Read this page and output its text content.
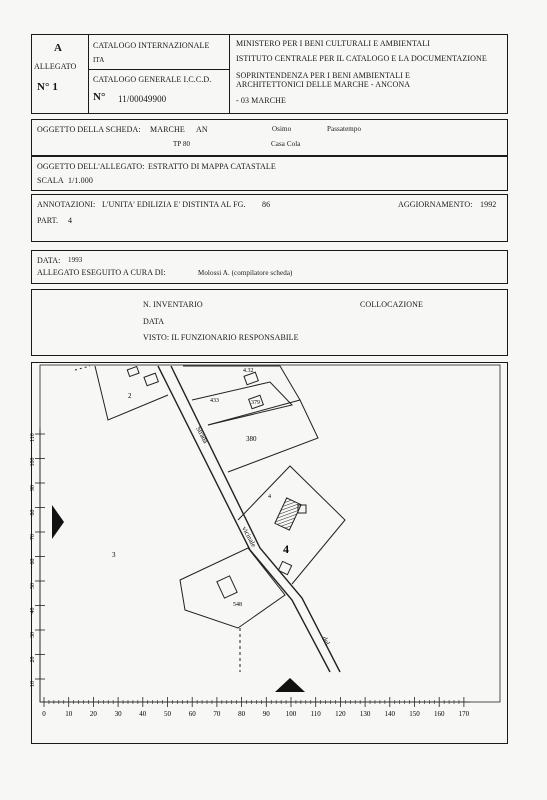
A
ALLEGATO
N° 1
CATALOGO INTERNAZIONALE
ITA
CATALOGO GENERALE I.C.C.D.
N° 11/00049900
MINISTERO PER I BENI CULTURALI E AMBIENTALI
ISTITUTO CENTRALE PER IL CATALOGO E LA DOCUMENTAZIONE
SOPRINTENDENZA PER I BENI AMBIENTALI E
ARCHITETTONICI DELLE MARCHE - ANCONA
- 03 MARCHE
OGGETTO DELLA SCHEDA: MARCHE AN	Osimo	Passatempo
TP 80	Casa Cola
OGGETTO DELL'ALLEGATO: ESTRATTO DI MAPPA CATASTALE
SCALA 1/1.000
ANNOTAZIONI: L'UNITA' EDILIZIA E' DISTINTA AL FG. 86	AGGIORNAMENTO: 1992
PART. 4
DATA: 1993
ALLEGATO ESEGUITO A CURA DI:	Molossi A. (compilatore scheda)
N. INVENTARIO	COLLOCAZIONE
DATA
VISTO: IL FUNZIONARIO RESPONSABILE
110
100
90
80
70
60
50
40
30
20
10
0	10	20	30	40	50	60	70	80	90 100 110 120 130 140 150 160 170
2
4.32
433	379
380
4
3
548
4
Strada
vicinale
del
